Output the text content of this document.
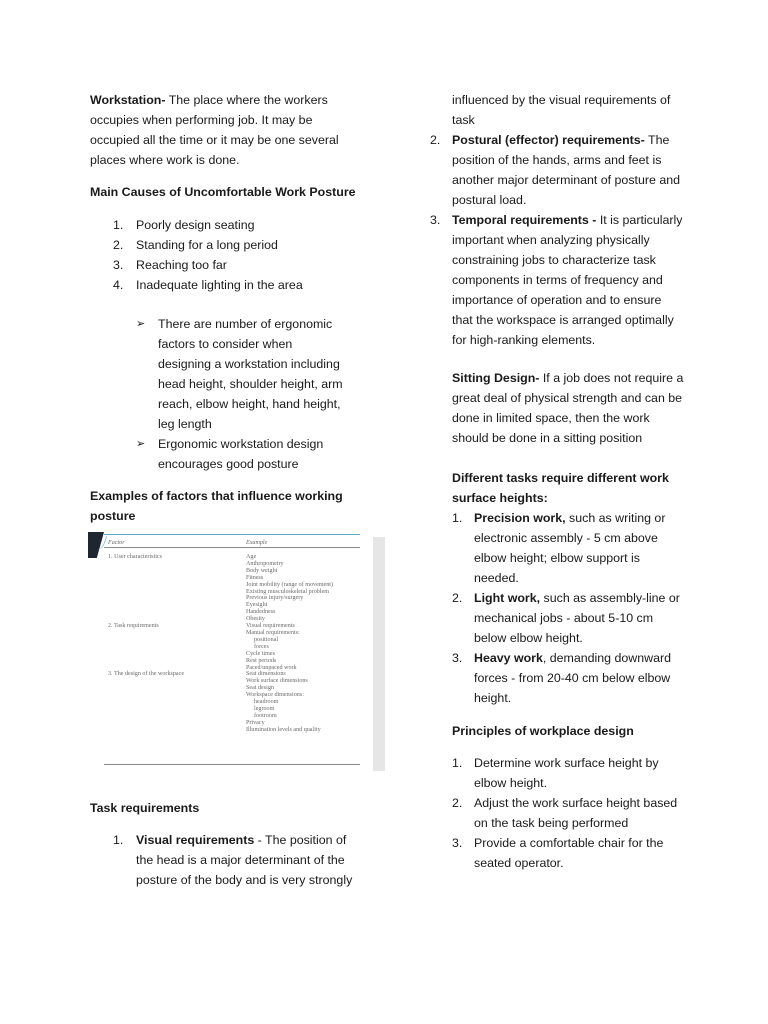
Workstation- The place where the workers occupies when performing job. It may be occupied all the time or it may be one several places where work is done.

Main Causes of Uncomfortable Work Posture

1. Poorly design seating
2. Standing for a long period
3. Reaching too far
4. Inadequate lighting in the area
➢ There are number of ergonomic factors to consider when designing a workstation including head height, shoulder height, arm reach, elbow height, hand height, leg length
➢ Ergonomic workstation design encourages good posture

Examples of factors that influence working posture

Factor	Example
1. User characteristics
2. Task requirements
3. The design of the workspace
Age
Anthropometry
Body weight
Fitness
Joint mobility (range of movement)
Existing musculoskeletal problem
Previous injury/surgery
Eyesight
Handedness
Obesity
Visual requirements
Manual requirements:
positional
forces
Cycle times
Rest periods
Paced/unpaced work
Seat dimensions
Work surface dimensions
Seat design
Workspace dimensions:
headroom
legroom
footroom
Privacy
Illumination levels and quality

Task requirements

1. Visual requirements - The position of the head is a major determinant of the posture of the body and is very strongly

influenced by the visual requirements of task

2. Postural (effector) requirements- The position of the hands, arms and feet is another major determinant of posture and postural load.
3. Temporal requirements - It is particularly important when analyzing physically constraining jobs to characterize task components in terms of frequency and importance of operation and to ensure that the workspace is arranged optimally for high-ranking elements.

Sitting Design- If a job does not require a great deal of physical strength and can be done in limited space, then the work should be done in a sitting position

Different tasks require different work surface heights:

1. Precision work, such as writing or electronic assembly - 5 cm above elbow height; elbow support is needed.
2. Light work, such as assembly-line or mechanical jobs - about 5-10 cm below elbow height.
3. Heavy work, demanding downward forces - from 20-40 cm below elbow height.

Principles of workplace design

1. Determine work surface height by elbow height.
2. Adjust the work surface height based on the task being performed
3. Provide a comfortable chair for the seated operator.
